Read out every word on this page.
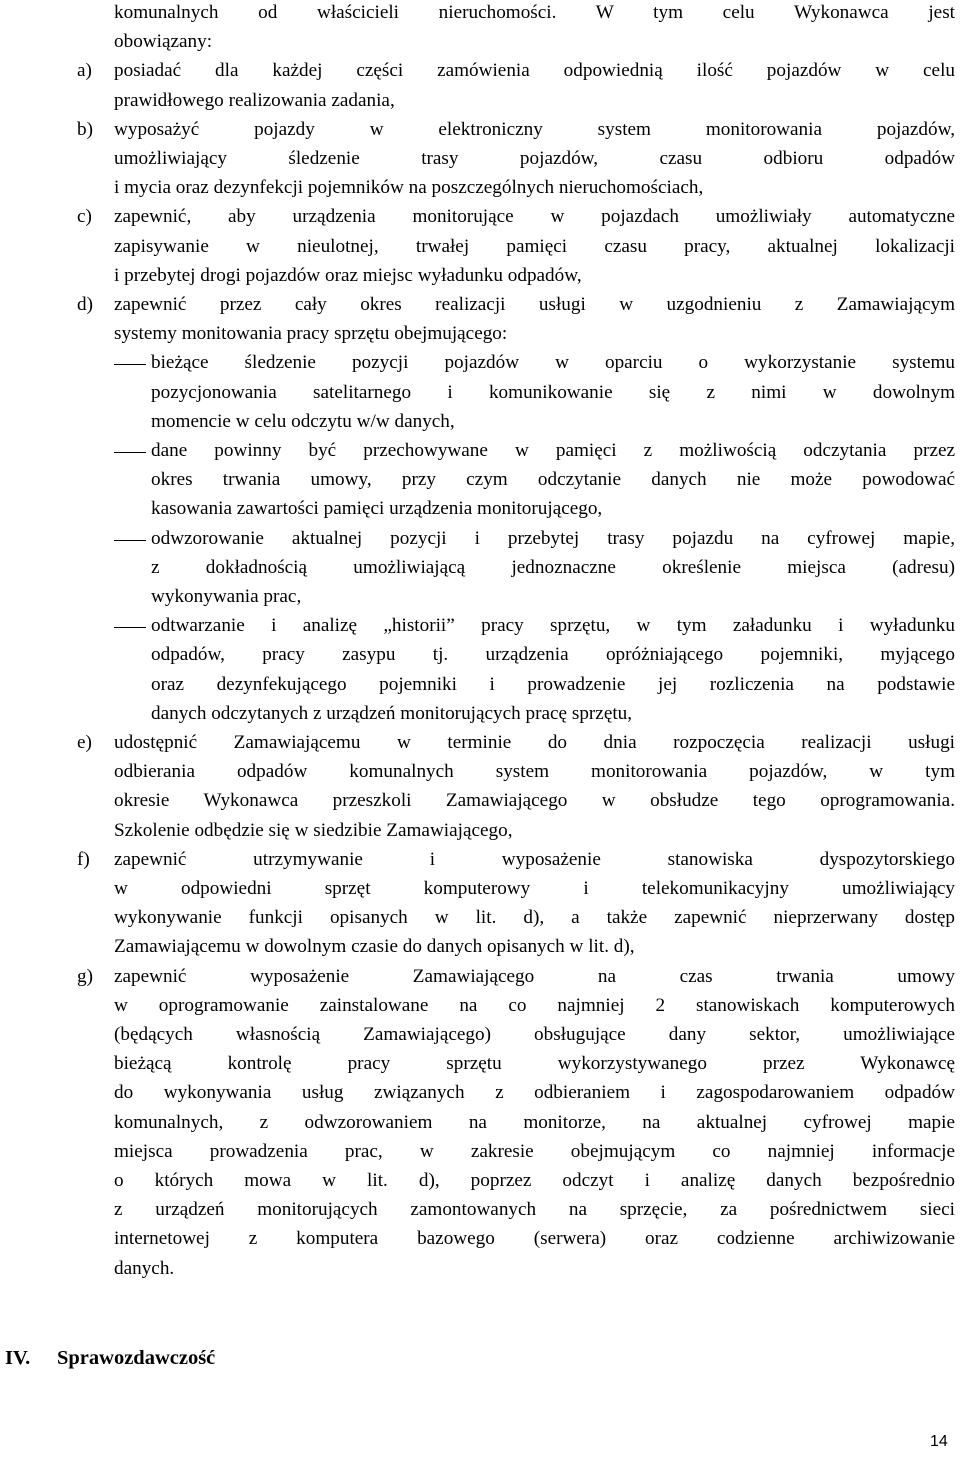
komunalnych od właścicieli nieruchomości. W tym celu Wykonawca jest
obowiązany:
a) posiadać dla każdej części zamówienia odpowiednią ilość pojazdów w celu
prawidłowego realizowania zadania,
b) wyposażyć pojazdy w elektroniczny system monitorowania pojazdów,
umożliwiający śledzenie trasy pojazdów, czasu odbioru odpadów
i mycia oraz dezynfekcji pojemników na poszczególnych nieruchomościach,
c) zapewnić, aby urządzenia monitorujące w pojazdach umożliwiały automatyczne
zapisywanie w nieulotnej, trwałej pamięci czasu pracy, aktualnej lokalizacji
i przebytej drogi pojazdów oraz miejsc wyładunku odpadów,
d) zapewnić przez cały okres realizacji usługi w uzgodnieniu z Zamawiającym
systemy monitowania pracy sprzętu obejmującego:
bieżące śledzenie pozycji pojazdów w oparciu o wykorzystanie systemu
pozycjonowania satelitarnego i komunikowanie się z nimi w dowolnym
momencie w celu odczytu w/w danych,
dane powinny być przechowywane w pamięci z możliwością odczytania przez
okres trwania umowy, przy czym odczytanie danych nie może powodować
kasowania zawartości pamięci urządzenia monitorującego,
odwzorowanie aktualnej pozycji i przebytej trasy pojazdu na cyfrowej mapie,
z dokładnością umożliwiającą jednoznaczne określenie miejsca (adresu)
wykonywania prac,
odtwarzanie i analizę „historii” pracy sprzętu, w tym załadunku i wyładunku
odpadów, pracy zasypu tj. urządzenia opróżniającego pojemniki, myjącego
oraz dezynfekującego pojemniki i prowadzenie jej rozliczenia na podstawie
danych odczytanych z urządzeń monitorujących pracę sprzętu,
e) udostępnić Zamawiającemu w terminie do dnia rozpoczęcia realizacji usługi
odbierania odpadów komunalnych system monitorowania pojazdów, w tym
okresie Wykonawca przeszkoli Zamawiającego w obsłudze tego oprogramowania.
Szkolenie odbędzie się w siedzibie Zamawiającego,
f) zapewnić utrzymywanie i wyposażenie stanowiska dyspozytorskiego
w odpowiedni sprzęt komputerowy i telekomunikacyjny umożliwiający
wykonywanie funkcji opisanych w lit. d), a także zapewnić nieprzerwany dostęp
Zamawiającemu w dowolnym czasie do danych opisanych w lit. d),
g) zapewnić wyposażenie Zamawiającego na czas trwania umowy
w oprogramowanie zainstalowane na co najmniej 2 stanowiskach komputerowych
(będących własnością Zamawiającego) obsługujące dany sektor, umożliwiające
bieżącą kontrolę pracy sprzętu wykorzystywanego przez Wykonawcę
do wykonywania usług związanych z odbieraniem i zagospodarowaniem odpadów
komunalnych, z odwzorowaniem na monitorze, na aktualnej cyfrowej mapie
miejsca prowadzenia prac, w zakresie obejmującym co najmniej informacje
o których mowa w lit. d), poprzez odczyt i analizę danych bezpośrednio
z urządzeń monitorujących zamontowanych na sprzęcie, za pośrednictwem sieci
internetowej z komputera bazowego (serwera) oraz codzienne archiwizowanie
danych.
IV. Sprawozdawczość
14
